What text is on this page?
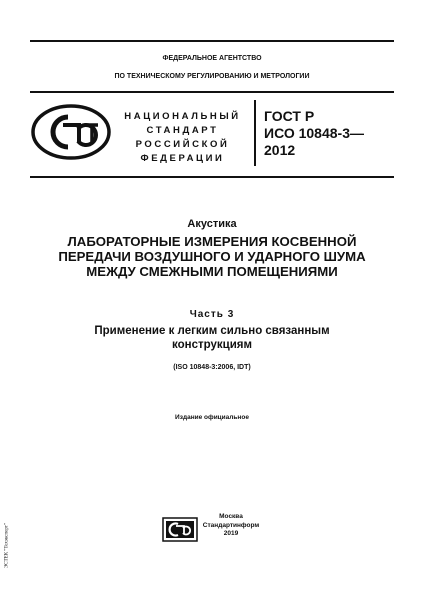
ФЕДЕРАЛЬНОЕ АГЕНТСТВО
ПО ТЕХНИЧЕСКОМУ РЕГУЛИРОВАНИЮ И МЕТРОЛОГИИ
НАЦИОНАЛЬНЫЙ
СТАНДАРТ
РОССИЙСКОЙ
ФЕДЕРАЦИИ
ГОСТ Р
ИСО 10848-3—
2012
Акустика
ЛАБОРАТОРНЫЕ ИЗМЕРЕНИЯ КОСВЕННОЙ
ПЕРЕДАЧИ ВОЗДУШНОГО И УДАРНОГО ШУМА
МЕЖДУ СМЕЖНЫМИ ПОМЕЩЕНИЯМИ
Часть 3
Применение к легким сильно связанным
конструкциям
(ISO 10848-3:2006, IDT)
Издание официальное
Москва
Стандартинформ
2019
ЭСТЕК "Техэксперт"
